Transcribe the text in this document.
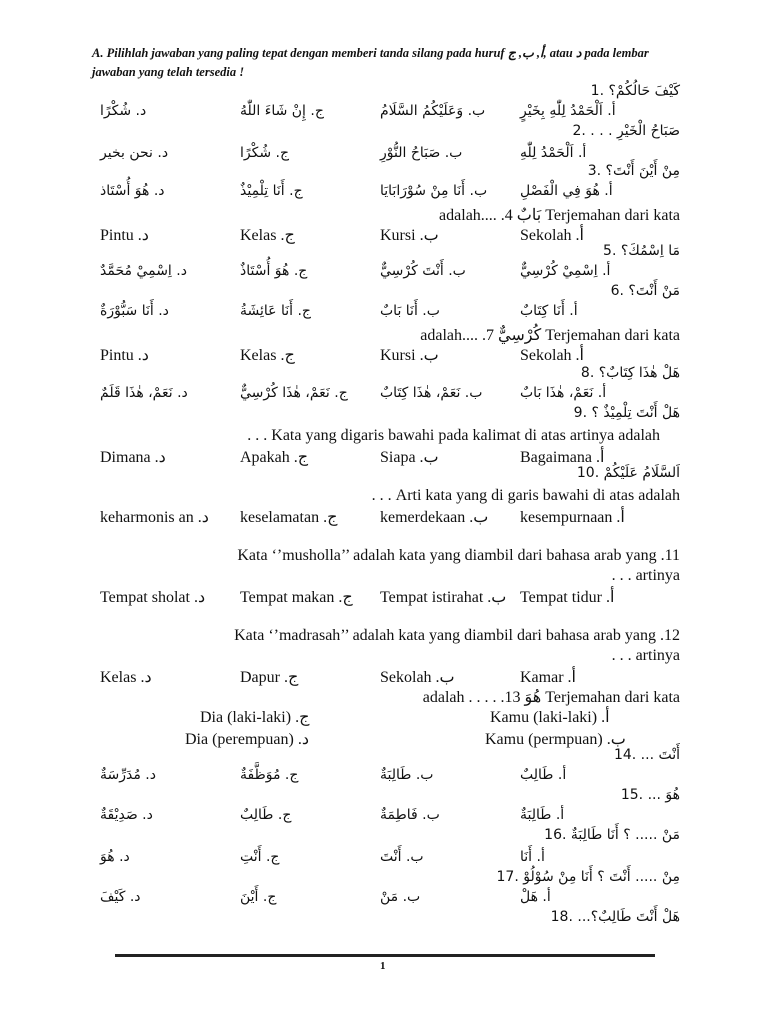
A. Pilihlah jawaban yang paling tepat dengan memberi tanda silang pada huruf أ, ب, ج, atau د pada lembar jawaban yang telah tersedia !
كَيْفَ حَالُكُمْ؟ .1
أ. اَلْحَمْدُ لِلّٰهِ بِخَيْرٍ
ب. وَعَلَيْكُمُ السَّلَامُ
ج. إِنْ شَاءَ اللّٰهُ
د. شُكْرًا
صَبَاحُ الْخَيْرِ . . . .2
أ. اَلْحَمْدُ لِلّٰهِ
ب. صَبَاحُ النُّوْرِ
ج. شُكْرًا
د. نحن بخير
مِنْ أَيْنَ أَنْتَ؟ .3
أ. هُوَ فِي الْفَصْلِ
ب. أَنَا مِنْ سُوْرَابَايَا
ج. أَنَا تِلْمِيْذٌ
د. هُوَ أُسْتَاذ
Terjemahan dari kata بَابٌ adalah.... .4
أ. Sekolah
ب. Kursi
ج. Kelas
د. Pintu
مَا اِسْمُكَ؟ .5
أ. اِسْمِيْ كُرْسِيٌّ
ب. أَنْتَ كُرْسِيٌّ
ج. هُوَ أُسْتَاذٌ
د. اِسْمِيْ مُحَمَّدٌ
مَنْ أَنْتَ؟ .6
أ. أَنَا كِتَابٌ
ب. أَنَا بَابٌ
ج. أَنَا عَائِشَةُ
د. أَنَا سَبُّوْرَةٌ
Terjemahan dari kata كُرْسِيٌّ adalah.... .7
أ. Sekolah
ب. Kursi
ج. Kelas
د. Pintu
هَلْ هٰذَا كِتَابٌ؟ .8
أ. نَعَمْ، هٰذَا بَابٌ
ب. نَعَمْ، هٰذَا كِتَابٌ
ج. نَعَمْ، هٰذَا كُرْسِيٌّ
د. نَعَمْ، هٰذَا قَلَمٌ
هَلْ أَنْتَ تِلْمِيْذٌ ؟ .9
Kata yang digaris bawahi pada kalimat di atas artinya adalah . . .
أ. Bagaimana
ب. Siapa
ج. Apakah
د. Dimana
اَلسَّلَامُ عَلَيْكُمْ .10
Arti kata yang di garis bawahi di atas adalah . . .
أ. kesempurnaan
ب. kemerdekaan
ج. keselamatan
د. keharmonis an
Kata ‘’musholla’’ adalah kata yang diambil dari bahasa arab yang .11
artinya . . .
أ. Tempat tidur
ب. Tempat istirahat
ج. Tempat makan
د. Tempat sholat
Kata ‘’madrasah’’ adalah kata yang diambil dari bahasa arab yang .12
artinya . . .
أ. Kamar
ب. Sekolah
ج. Dapur
د. Kelas
Terjemahan dari kata هُوَ adalah . . . . .13
أ. Kamu (laki-laki)
ج. Dia (laki-laki)
ب. Kamu (permpuan)
د. Dia (perempuan)
أَنْتَ ... .14
أ. طَالِبٌ
ب. طَالِبَةٌ
ج. مُوَظَّفَةٌ
د. مُدَرِّسَةٌ
هُوَ ... .15
أ. طَالِبَةٌ
ب. فَاطِمَةٌ
ج. طَالِبٌ
د. صَدِيْقَةٌ
مَنْ ..... ؟ أَنَا طَالِبَةٌ .16
أ. أَنَا
ب. أَنْتَ
ج. أَنْتِ
د. هُوَ
مِنْ ..... أَنْتَ ؟ أَنَا مِنْ سُوْلُوْ .17
أ. هَلْ
ب. مَنْ
ج. أَيْنَ
د. كَيْفَ
هَلْ أَنْتَ طَالِبٌ؟... .18
1
